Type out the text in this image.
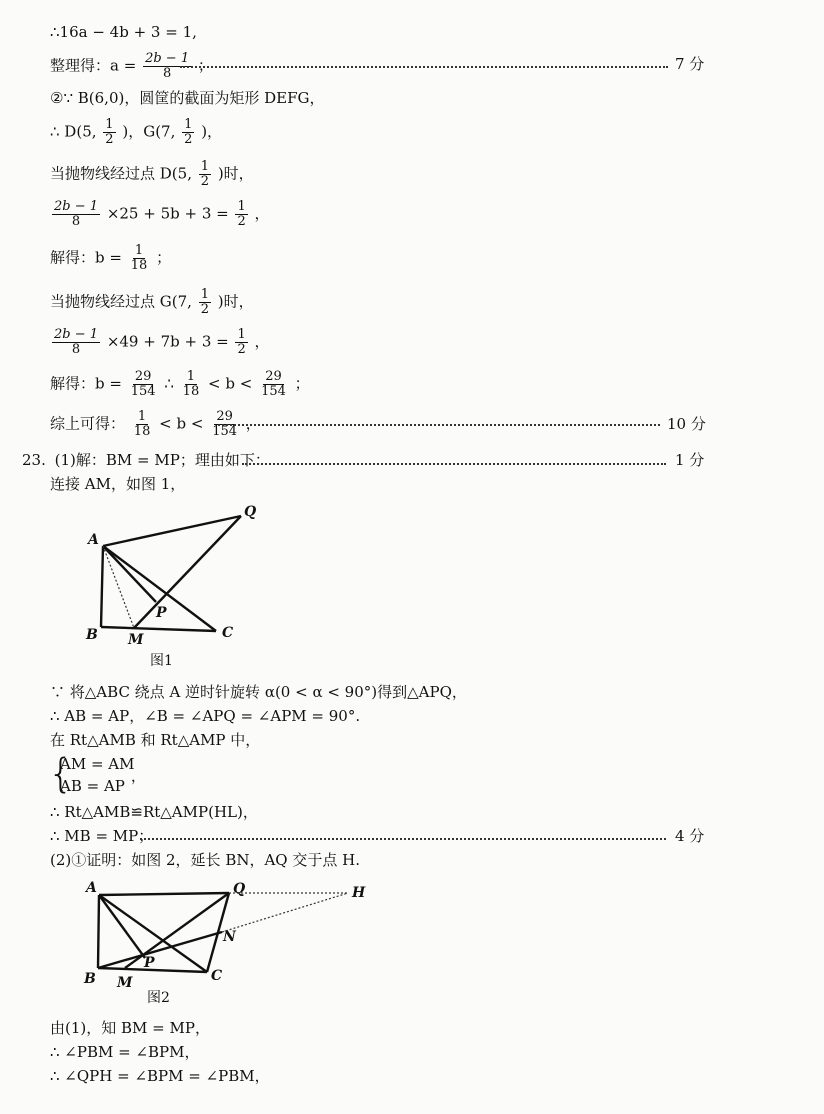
∴16a − 4b + 3 = 1,
整理得：$a = \frac{2b - 1}{8}$ ；	7 分
②∵ B(6,0)，圆筐的截面为矩形 DEFG，
∴ D(5, $\frac{1}{2}$ )，G(7, $\frac{1}{2}$ )，
当抛物线经过点 D(5, $\frac{1}{2}$ )时，
$\frac{2b - 1}{8} \times 25 + 5b + 3 = \frac{1}{2}$ ，
解得：$b = \frac{1}{18}$ ；
当抛物线经过点 G(7, $\frac{1}{2}$ )时，
$\frac{2b - 1}{8} \times 49 + 7b + 3 = \frac{1}{2}$ ，
解得：$b = \frac{29}{154}$ ∴ $\frac{1}{18} < b < \frac{29}{154}$ ；
综上可得： $\frac{1}{18} < b < \frac{29}{154}$ ，	10 分
23. (1)解：BM = MP；理由如下：	1 分
连接 AM，如图 1，
A
B M
P
C
Q
图1
∵ 将△ABC 绕点 A 逆时针旋转 α(0 < α < 90°)得到△APQ，
∴ AB = AP，∠B = ∠APQ = ∠APM = 90°.
在 Rt△AMB 和 Rt△AMP 中，
{
AM = AM
AB = AP，
∴ Rt△AMB≌Rt△AMP(HL)，
∴ MB = MP；	4 分
(2)①证明：如图 2，延长 BN，AQ 交于点 H.
A	Q	H
N
B M
P
C
图2
由(1)，知 BM = MP，
∴ ∠PBM = ∠BPM，
∴ ∠QPH = ∠BPM = ∠PBM，
